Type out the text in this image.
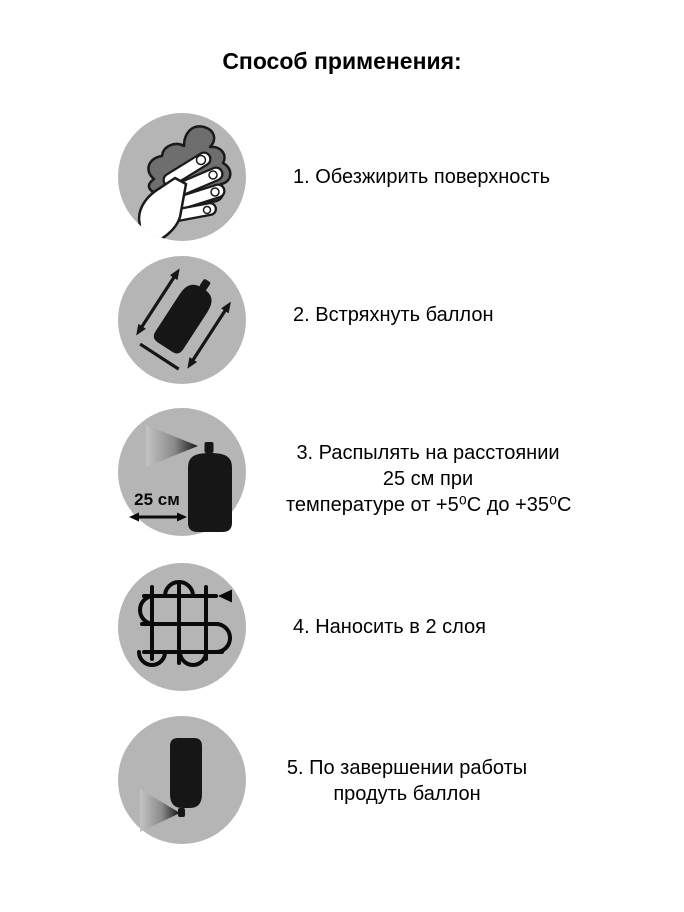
Способ применения:
25 см
1. Обезжирить поверхность
2. Встряхнуть баллон
3. Распылять на расстоянии
25 см при
температуре от +5⁰С до +35⁰С
4. Наносить в 2 слоя
5. По завершении работы
продуть баллон
